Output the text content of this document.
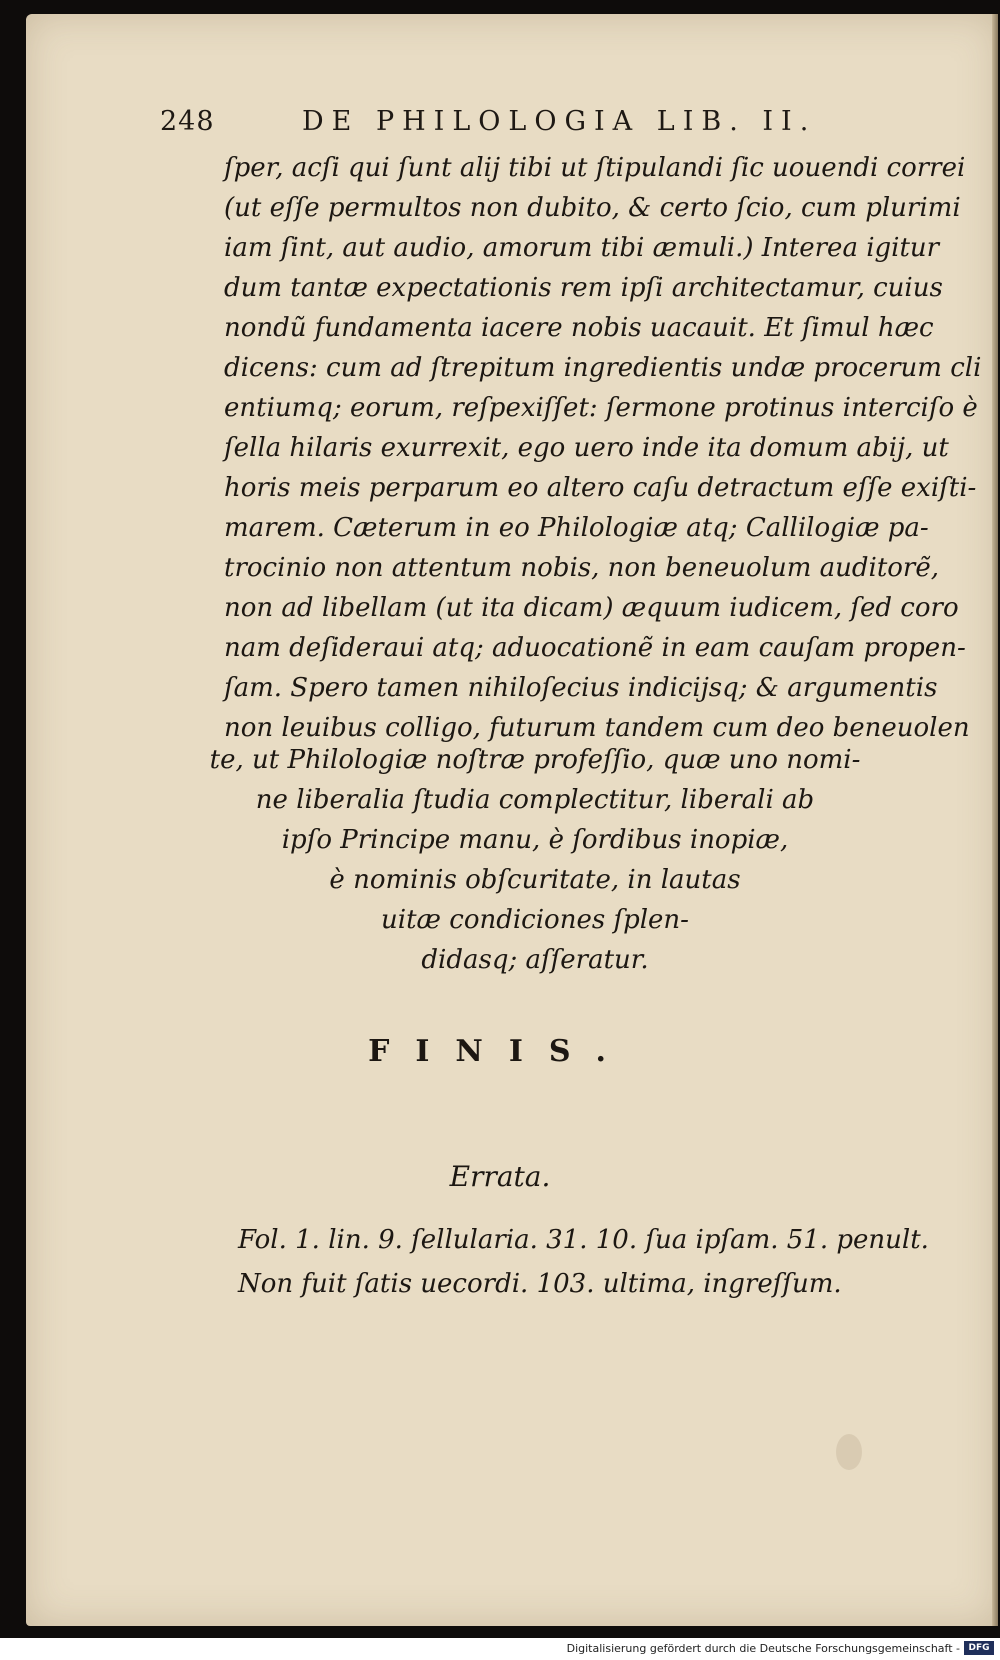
248	DE PHILOLOGIA LIB. II.
ſper, acſi qui ſunt alij tibi ut ſtipulandi ſic uouendi correi
(ut eſſe permultos non dubito, & certo ſcio, cum plurimi
iam ſint, aut audio, amorum tibi æmuli.) Interea igitur
dum tantæ expectationis rem ipſi architectamur, cuius
nondũ fundamenta iacere nobis uacauit. Et ſimul hæc
dicens: cum ad ſtrepitum ingredientis undæ procerum cli
entiumq; eorum, reſpexiſſet: ſermone protinus interciſo è
ſella hilaris exurrexit, ego uero inde ita domum abij, ut
horis meis perparum eo altero caſu detractum eſſe exiſti-
marem. Cæterum in eo Philologiæ atq; Callilogiæ pa-
trocinio non attentum nobis, non beneuolum auditorẽ,
non ad libellam (ut ita dicam) æquum iudicem, ſed coro
nam deſideraui atq; aduocationẽ in eam cauſam propen-
ſam. Spero tamen nihiloſecius indicijsq; & argumentis
non leuibus colligo, futurum tandem cum deo beneuolen
te, ut Philologiæ noſtræ profeſſio, quæ uno nomi-
ne liberalia ſtudia complectitur, liberali ab
ipſo Principe manu, è ſordibus inopiæ,
è nominis obſcuritate, in lautas
uitæ condiciones ſplen-
didasq; aſſeratur.
FINIS.
Errata.
Fol. 1. lin. 9. ſellularia. 31. 10. ſua ipſam. 51. penult.
Non fuit ſatis uecordi. 103. ultima, ingreſſum.
Digitalisierung gefördert durch die Deutsche Forschungsgemeinschaft - DFG
